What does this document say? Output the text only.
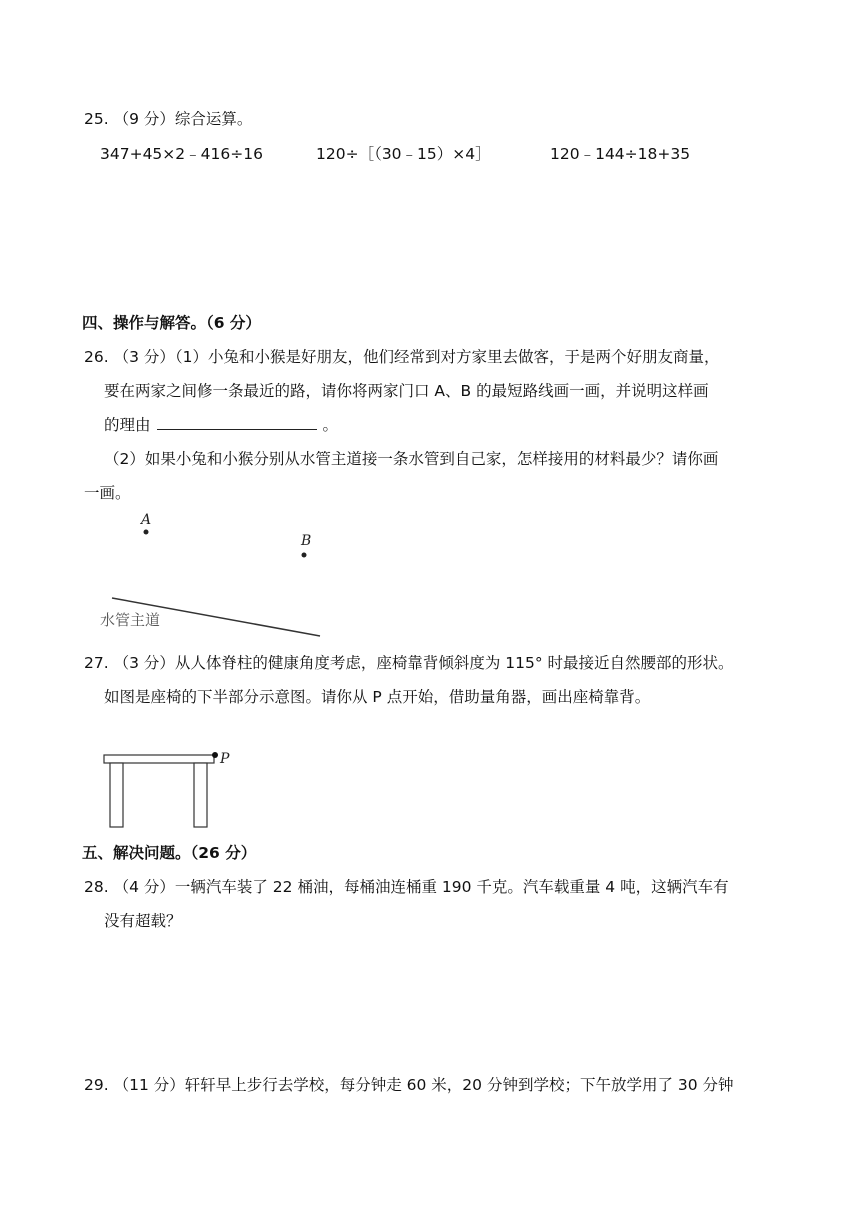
25. （9 分）综合运算。
347+45×2﹣416÷16	120÷［（30﹣15）×4］	120﹣144÷18+35
四、操作与解答。（6 分）
26. （3 分）（1）小兔和小猴是好朋友，他们经常到对方家里去做客，于是两个好朋友商量，
要在两家之间修一条最近的路，请你将两家门口 A、B 的最短路线画一画，并说明这样画
的理由	。
（2）如果小兔和小猴分别从水管主道接一条水管到自己家，怎样接用的材料最少？请你画
一画。
A
B
水管主道
27. （3 分）从人体脊柱的健康角度考虑，座椅靠背倾斜度为 115° 时最接近自然腰部的形状。
如图是座椅的下半部分示意图。请你从 P 点开始，借助量角器，画出座椅靠背。
P
五、解决问题。（26 分）
28. （4 分）一辆汽车装了 22 桶油，每桶油连桶重 190 千克。汽车载重量 4 吨，这辆汽车有
没有超载？
29. （11 分）轩轩早上步行去学校，每分钟走 60 米，20 分钟到学校；下午放学用了 30 分钟
